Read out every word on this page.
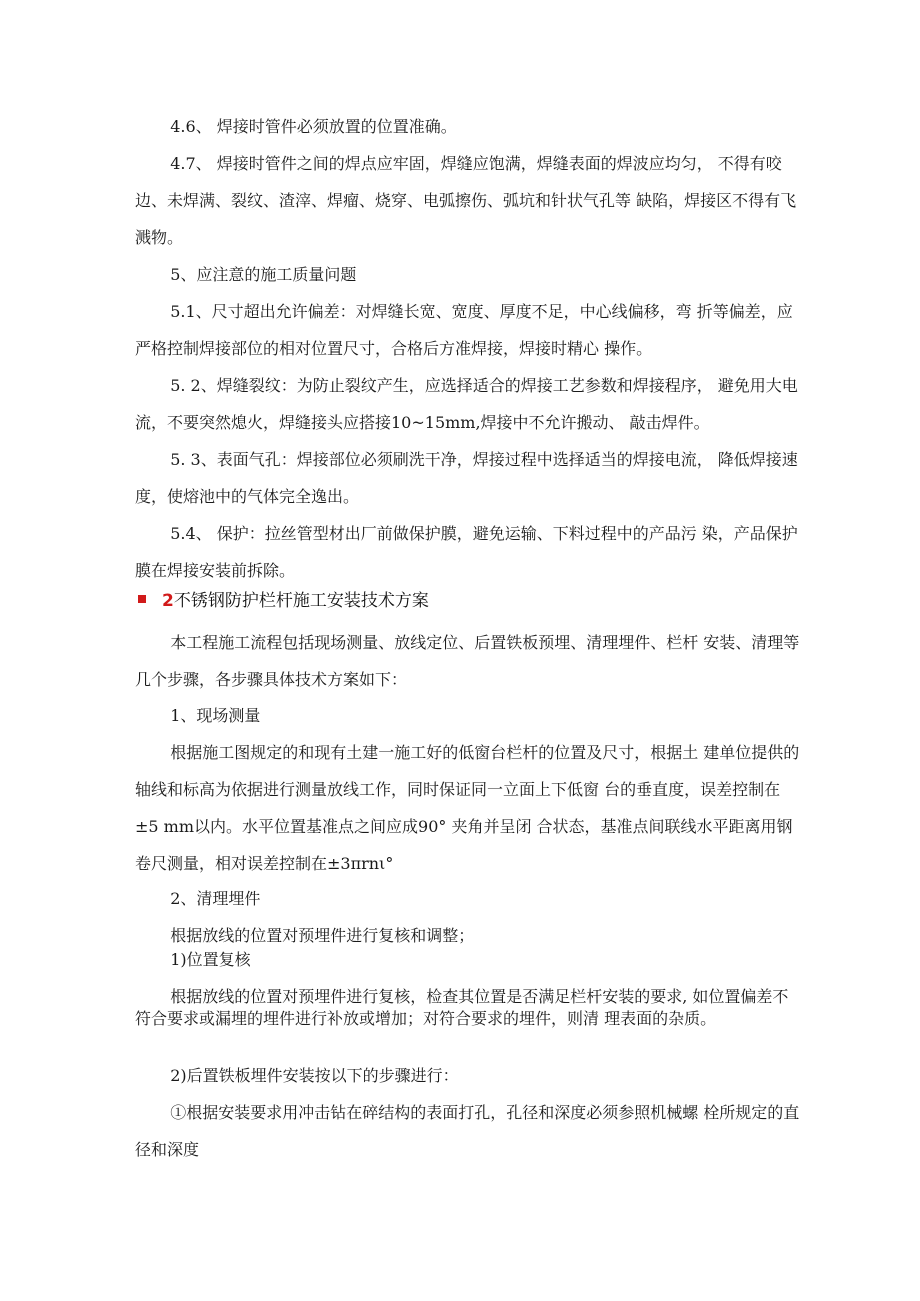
4.6、 焊接时管件必须放置的位置准确。
4.7、 焊接时管件之间的焊点应牢固，焊缝应饱满，焊缝表面的焊波应均匀， 不得有咬边、未焊满、裂纹、渣滓、焊瘤、烧穿、电弧擦伤、弧坑和针状气孔等 缺陷，焊接区不得有飞溅物。
5、应注意的施工质量问题
5.1、尺寸超出允许偏差：对焊缝长宽、宽度、厚度不足，中心线偏移，弯 折等偏差，应严格控制焊接部位的相对位置尺寸，合格后方准焊接，焊接时精心 操作。
5. 2、焊缝裂纹：为防止裂纹产生，应选择适合的焊接工艺参数和焊接程序， 避免用大电流，不要突然熄火，焊缝接头应搭接10~15mm,焊接中不允许搬动、 敲击焊件。
5. 3、表面气孔：焊接部位必须刷洗干净，焊接过程中选择适当的焊接电流， 降低焊接速度，使熔池中的气体完全逸出。
5.4、 保护：拉丝管型材出厂前做保护膜，避免运输、下料过程中的产品污 染，产品保护膜在焊接安装前拆除。
2不锈钢防护栏杆施工安装技术方案
本工程施工流程包括现场测量、放线定位、后置铁板预埋、清理埋件、栏杆 安装、清理等几个步骤，各步骤具体技术方案如下：
1、现场测量
根据施工图规定的和现有土建一施工好的低窗台栏杆的位置及尺寸，根据土 建单位提供的轴线和标高为依据进行测量放线工作，同时保证同一立面上下低窗 台的垂直度，误差控制在±5 mm以内。水平位置基准点之间应成90° 夹角并呈闭 合状态，基准点间联线水平距离用钢卷尺测量，相对误差控制在±3πrnι°
2、清理埋件
根据放线的位置对预埋件进行复核和调整；
1)位置复核
根据放线的位置对预埋件进行复核，检查其位置是否满足栏杆安装的要求, 如位置偏差不符合要求或漏埋的埋件进行补放或增加；对符合要求的埋件，则清 理表面的杂质。
2)后置铁板埋件安装按以下的步骤进行：
①根据安装要求用冲击钻在碎结构的表面打孔，孔径和深度必须参照机械螺 栓所规定的直径和深度
